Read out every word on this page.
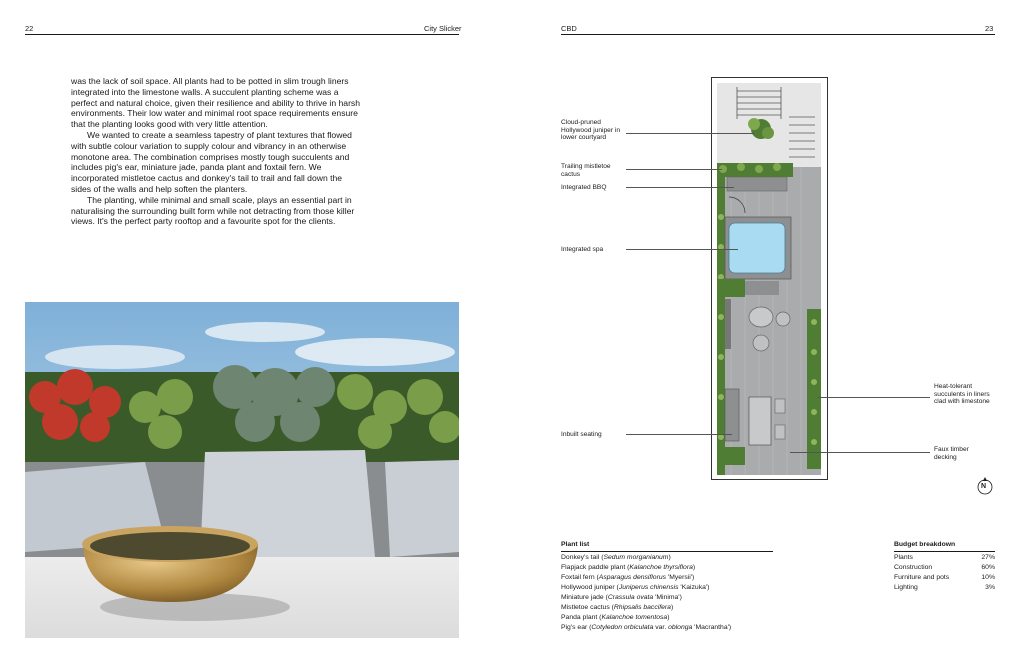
22	City Slicker	CBD	23

was the lack of soil space. All plants had to be potted in slim trough liners integrated into the limestone walls. A succulent planting scheme was a perfect and natural choice, given their resilience and ability to thrive in harsh environments. Their low water and minimal root space requirements ensure that the planting looks good with very little attention.

We wanted to create a seamless tapestry of plant textures that flowed with subtle colour variation to supply colour and vibrancy in an otherwise monotone area. The combination comprises mostly tough succulents and includes pig's ear, miniature jade, panda plant and foxtail fern. We incorporated mistletoe cactus and donkey's tail to trail and fall down the sides of the walls and help soften the planters.

The planting, while minimal and small scale, plays an essential part in naturalising the surrounding built form while not detracting from those killer views. It's the perfect party rooftop and a favourite spot for the clients.

Cloud-pruned Hollywood juniper in lower courtyard
Trailing mistletoe cactus
Integrated BBQ
Integrated spa
Inbuilt seating
Heat-tolerant succulents in liners clad with limestone
Faux timber decking
N
Plant list
Donkey's tail (Sedum morganianum)
Flapjack paddle plant (Kalanchoe thyrsiflora)
Foxtail fern (Asparagus densiflorus 'Myersii')
Hollywood juniper (Juniperus chinensis 'Kaizuka')
Miniature jade (Crassula ovata 'Minima')
Mistletoe cactus (Rhipsalis baccifera)
Panda plant (Kalanchoe tomentosa)
Pig's ear (Cotyledon orbiculata var. oblonga 'Macrantha')
Budget breakdown
Plants	27%
Construction	60%
Furniture and pots	10%
Lighting	3%
